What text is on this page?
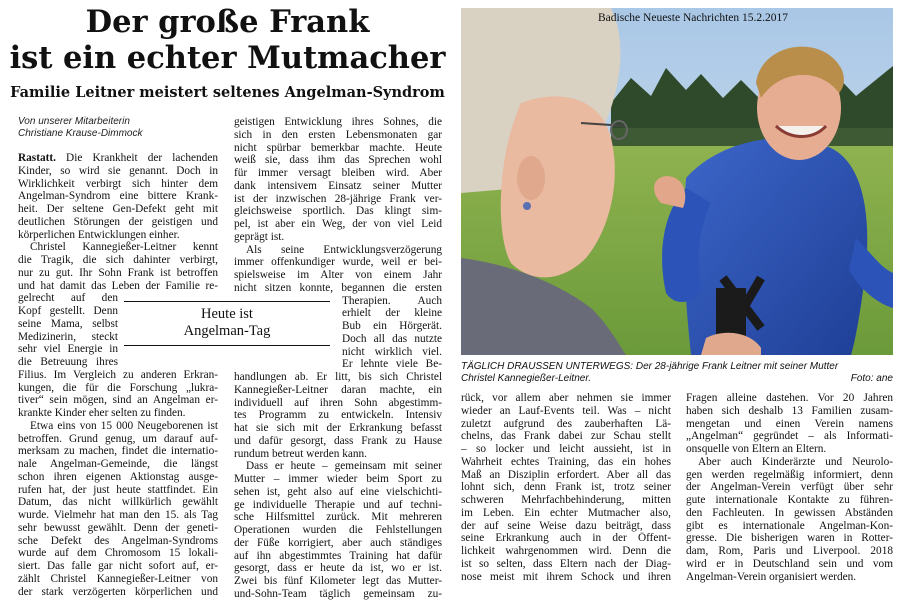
Der große Frank
ist ein echter Mutmacher
Familie Leitner meistert seltenes Angelman-Syndrom
Von unserer Mitarbeiterin
Christiane Krause-Dimmock
Rastatt. Die Krankheit der lachenden
Kinder, so wird sie genannt. Doch in
Wirklichkeit verbirgt sich hinter dem
Angelman-Syndrom eine bittere Krank-
heit. Der seltene Gen-Defekt geht mit
deutlichen Störungen der geistigen und
körperlichen Entwicklungen einher.
Christel Kannegießer-Leitner kennt
die Tragik, die sich dahinter verbirgt,
nur zu gut. Ihr Sohn Frank ist betroffen
und hat damit das Leben der Familie re-
gelrecht auf den
Kopf gestellt. Denn
seine Mama, selbst
Medizinerin, steckt
sehr viel Energie in
die Betreuung ihres
Filius. Im Vergleich zu anderen Erkran-
kungen, die für die Forschung „lukra-
tiver“ sein mögen, sind an Angelman er-
krankte Kinder eher selten zu finden.
Etwa eins von 15 000 Neugeborenen ist
betroffen. Grund genug, um darauf auf-
merksam zu machen, findet die internatio-
nale Angelman-Gemeinde, die längst
schon ihren eigenen Aktionstag ausge-
rufen hat, der just heute stattfindet. Ein
Datum, das nicht willkürlich gewählt
wurde. Vielmehr hat man den 15. als Tag
sehr bewusst gewählt. Denn der geneti-
sche Defekt des Angelman-Syndroms
wurde auf dem Chromosom 15 lokali-
siert. Das falle gar nicht sofort auf, er-
zählt Christel Kannegießer-Leitner von
der stark verzögerten körperlichen und
geistigen Entwicklung ihres Sohnes, die
sich in den ersten Lebensmonaten gar
nicht spürbar bemerkbar machte. Heute
weiß sie, dass ihm das Sprechen wohl
für immer versagt bleiben wird. Aber
dank intensivem Einsatz seiner Mutter
ist der inzwischen 28-jährige Frank ver-
gleichsweise sportlich. Das klingt sim-
pel, ist aber ein Weg, der von viel Leid
geprägt ist.
Als seine Entwicklungsverzögerung
immer offenkundiger wurde, weil er bei-
spielsweise im Alter von einem Jahr
nicht sitzen konnte, begannen die ersten
Therapien. Auch
erhielt der kleine
Bub ein Hörgerät.
Doch all das nutzte
nicht wirklich viel.
Er lehnte viele Be-
handlungen ab. Er litt, bis sich Christel
Kannegießer-Leitner daran machte, ein
individuell auf ihren Sohn abgestimm-
tes Programm zu entwickeln. Intensiv
hat sie sich mit der Erkrankung befasst
und dafür gesorgt, dass Frank zu Hause
rundum betreut werden kann.
Dass er heute – gemeinsam mit seiner
Mutter – immer wieder beim Sport zu
sehen ist, geht also auf eine vielschichti-
ge individuelle Therapie und auf techni-
sche Hilfsmittel zurück. Mit mehreren
Operationen wurden die Fehlstellungen
der Füße korrigiert, aber auch ständiges
auf ihn abgestimmtes Training hat dafür
gesorgt, dass er heute da ist, wo er ist.
Zwei bis fünf Kilometer legt das Mutter-
und-Sohn-Team täglich gemeinsam zu-
Heute ist
Angelman-Tag
Badische Neueste Nachrichten 15.2.2017
TÄGLICH DRAUSSEN UNTERWEGS: Der 28-jährige Frank Leitner mit seiner Mutter
Christel Kannegießer-Leitner.	Foto: ane
rück, vor allem aber nehmen sie immer
wieder an Lauf-Events teil. Was – nicht
zuletzt aufgrund des zauberhaften Lä-
chelns, das Frank dabei zur Schau stellt
– so locker und leicht aussieht, ist in
Wahrheit echtes Training, das ein hohes
Maß an Disziplin erfordert. Aber all das
lohnt sich, denn Frank ist, trotz seiner
schweren Mehrfachbehinderung, mitten
im Leben. Ein echter Mutmacher also,
der auf seine Weise dazu beiträgt, dass
seine Erkrankung auch in der Öffent-
lichkeit wahrgenommen wird. Denn die
ist so selten, dass Eltern nach der Diag-
nose meist mit ihrem Schock und ihren
Fragen alleine dastehen. Vor 20 Jahren
haben sich deshalb 13 Familien zusam-
mengetan und einen Verein namens
„Angelman“ gegründet – als Informati-
onsquelle von Eltern an Eltern.
Aber auch Kinderärzte und Neurolo-
gen werden regelmäßig informiert, denn
der Angelman-Verein verfügt über sehr
gute internationale Kontakte zu führen-
den Fachleuten. In gewissen Abständen
gibt es internationale Angelman-Kon-
gresse. Die bisherigen waren in Rotter-
dam, Rom, Paris und Liverpool. 2018
wird er in Deutschland sein und vom
Angelman-Verein organisiert werden.
